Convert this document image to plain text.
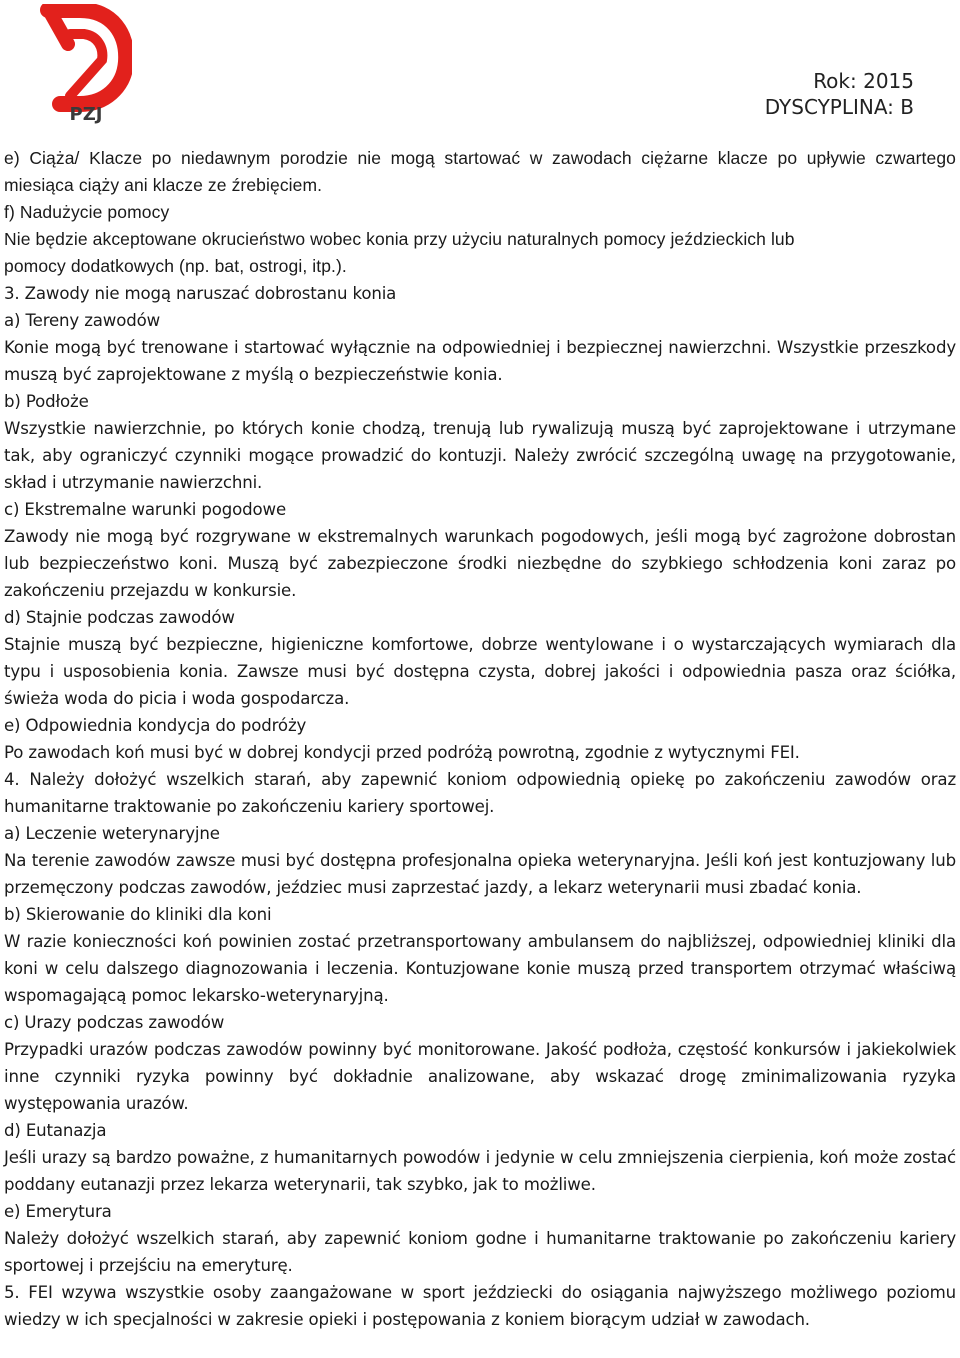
PZJ
Rok: 2015
DYSCYPLINA: B

e) Ciąża/ Klacze po niedawnym porodzie nie mogą startować w zawodach ciężarne klacze po upływie czwartego miesiąca ciąży ani klacze ze źrebięciem.

f) Nadużycie pomocy

Nie będzie akceptowane okrucieństwo wobec konia przy użyciu naturalnych pomocy jeździeckich lub pomocy dodatkowych (np. bat, ostrogi, itp.).

3. Zawody nie mogą naruszać dobrostanu konia

a) Tereny zawodów

Konie mogą być trenowane i startować wyłącznie na odpowiedniej i bezpiecznej nawierzchni. Wszystkie przeszkody muszą być zaprojektowane z myślą o bezpieczeństwie konia.

b) Podłoże

Wszystkie nawierzchnie, po których konie chodzą, trenują lub rywalizują muszą być zaprojektowane i utrzymane tak, aby ograniczyć czynniki mogące prowadzić do kontuzji. Należy zwrócić szczególną uwagę na przygotowanie, skład i utrzymanie nawierzchni.

c) Ekstremalne warunki pogodowe

Zawody nie mogą być rozgrywane w ekstremalnych warunkach pogodowych, jeśli mogą być zagrożone dobrostan lub bezpieczeństwo koni. Muszą być zabezpieczone środki niezbędne do szybkiego schłodzenia koni zaraz po zakończeniu przejazdu w konkursie.

d) Stajnie podczas zawodów

Stajnie muszą być bezpieczne, higieniczne komfortowe, dobrze wentylowane i o wystarczających wymiarach dla typu i usposobienia konia. Zawsze musi być dostępna czysta, dobrej jakości i odpowiednia pasza oraz ściółka, świeża woda do picia i woda gospodarcza.

e) Odpowiednia kondycja do podróży

Po zawodach koń musi być w dobrej kondycji przed podróżą powrotną, zgodnie z wytycznymi FEI.

4. Należy dołożyć wszelkich starań, aby zapewnić koniom odpowiednią opiekę po zakończeniu zawodów oraz humanitarne traktowanie po zakończeniu kariery sportowej.

a) Leczenie weterynaryjne

Na terenie zawodów zawsze musi być dostępna profesjonalna opieka weterynaryjna. Jeśli koń jest kontuzjowany lub przemęczony podczas zawodów, jeździec musi zaprzestać jazdy, a lekarz weterynarii musi zbadać konia.

b) Skierowanie do kliniki dla koni

W razie konieczności koń powinien zostać przetransportowany ambulansem do najbliższej, odpowiedniej kliniki dla koni w celu dalszego diagnozowania i leczenia. Kontuzjowane konie muszą przed transportem otrzymać właściwą wspomagającą pomoc lekarsko-weterynaryjną.

c) Urazy podczas zawodów

Przypadki urazów podczas zawodów powinny być monitorowane. Jakość podłoża, częstość konkursów i jakiekolwiek inne czynniki ryzyka powinny być dokładnie analizowane, aby wskazać drogę zminimalizowania ryzyka występowania urazów.

d) Eutanazja

Jeśli urazy są bardzo poważne, z humanitarnych powodów i jedynie w celu zmniejszenia cierpienia, koń może zostać poddany eutanazji przez lekarza weterynarii, tak szybko, jak to możliwe.

e) Emerytura

Należy dołożyć wszelkich starań, aby zapewnić koniom godne i humanitarne traktowanie po zakończeniu kariery sportowej i przejściu na emeryturę.

5. FEI wzywa wszystkie osoby zaangażowane w sport jeździecki do osiągania najwyższego możliwego poziomu wiedzy w ich specjalności w zakresie opieki i postępowania z koniem biorącym udział w zawodach.
